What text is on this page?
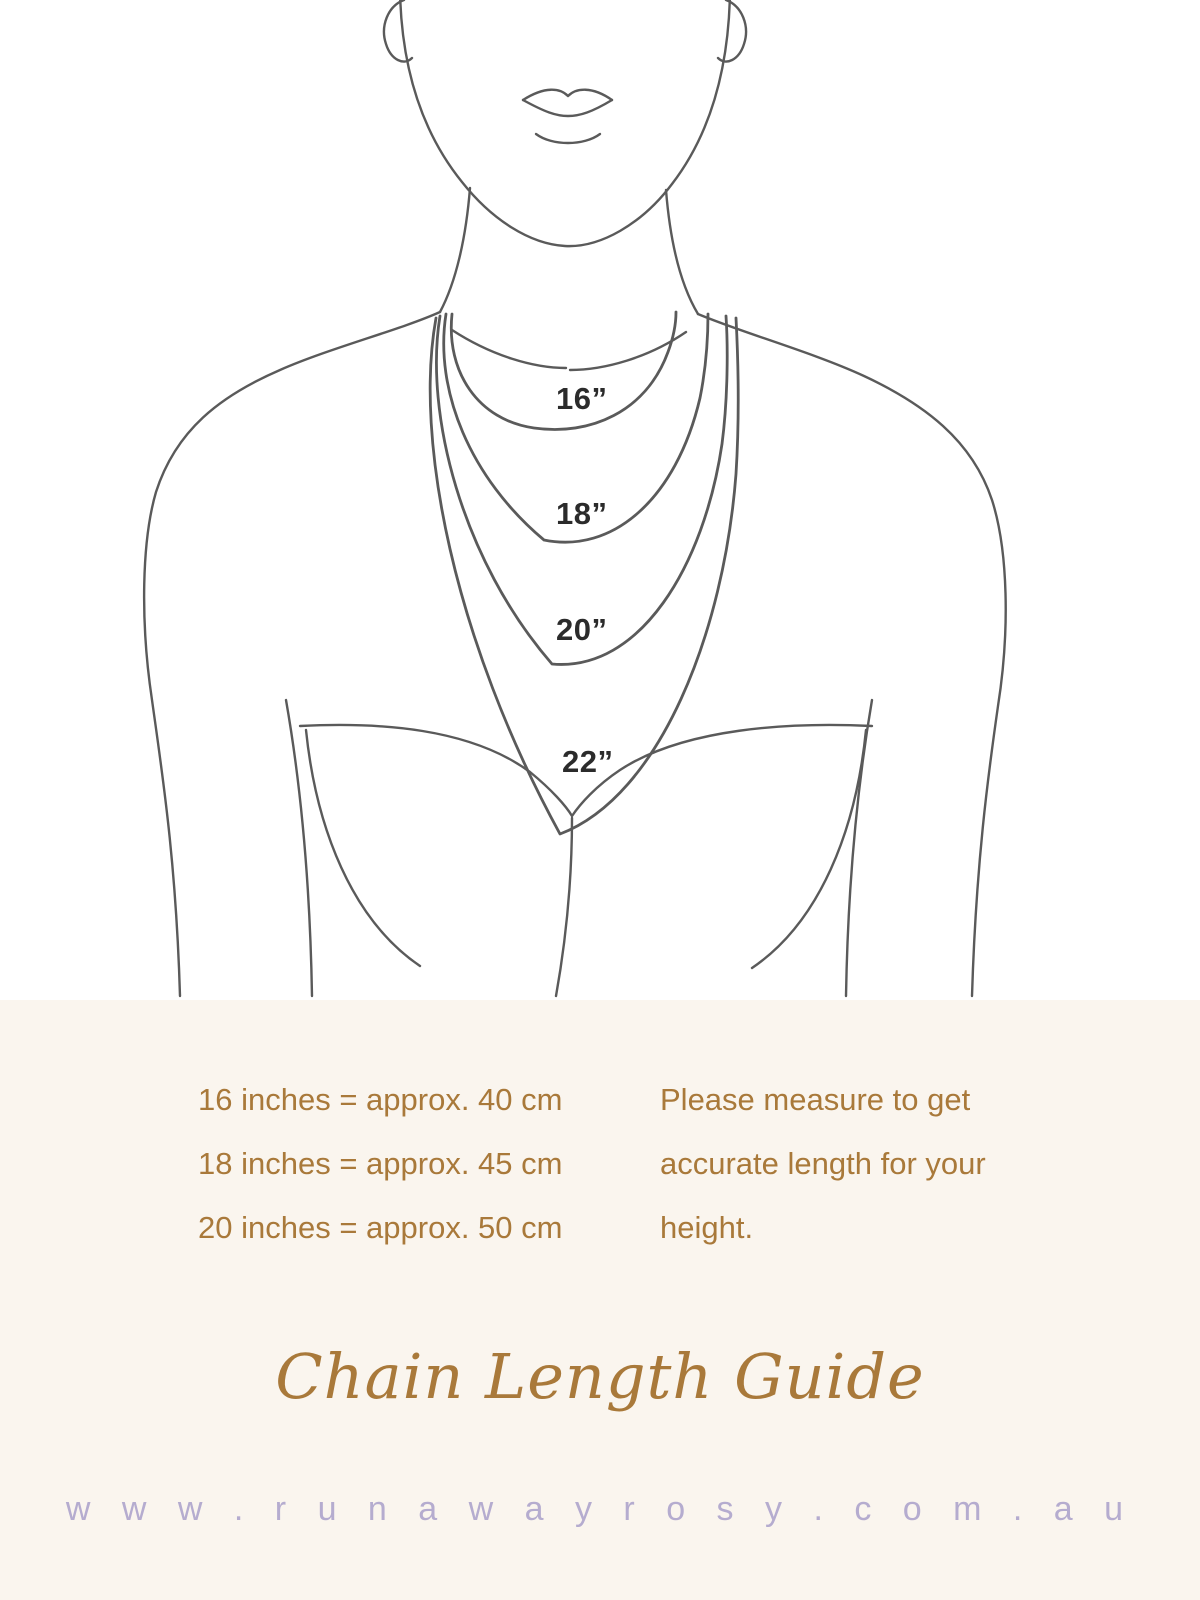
16”
18”
20”
22”
16 inches = approx. 40 cm
18 inches = approx. 45 cm
20 inches = approx. 50 cm
Please measure to get accurate length for your height.
Chain Length Guide
w w w . r u n a w a y r o s y . c o m . a u
